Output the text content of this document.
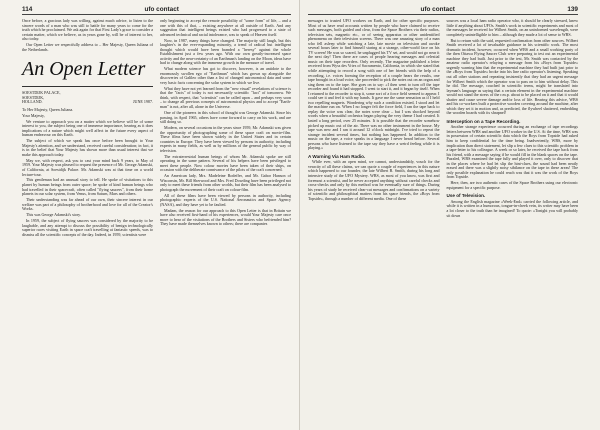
114	ufo contact

Once before, a gracious lady was willing, against much advice, to listen to the sincere words of a man who was still to battle for many years to come for the truth which he proclaimed. We ask again for that First Lady's grace to consider a certain matter, which we believe, as in years gone by, will be of interest to her, also today.

Our Open Letter we respectfully address to – Her Majesty, Queen Juliana of the Netherlands.

An Open Letter

SOESTDIJK PALACE,

SOESTDIJK,

HOLLAND.	JUNE 1987.

To Her Majesty, Queen Juliana.

Your Majesty,

We venture to approach you on a matter which we believe will be of some interest to you, the subject being one of immense importance, bearing as it does implications of a nature which might well affect in the future every aspect of human endeavour on this Earth.

The subject of which we speak has once before been brought to Your Majesty's attention, and we understand, received careful consideration; in fact, it is in the belief that Your Majesty has shown more than usual interest that we make this approach today.

May we, with respect, ask you to cast your mind back 9 years, to May of 1959. Your Majesty was pleased to request the presence of Mr. George Adamski, of California, at Soestdijk Palace. Mr. Adamski was at that time on a world lecture-tour.

This gentleman had an unusual story to tell. He spoke of visitations to this planet by human beings from outer space; he spoke of kind human beings who had travelled in their spacecraft, often called "flying saucers", from their home planets in our solar system, from Venus, from Saturn, Mars and others.

Their understanding was far ahead of our own, their sincere interest in our welfare was part of a philosophy of brotherhood and love for all of the Creator's Works.

This was George Adamski's story.

In 1959, the subject of flying saucers was considered by the majority to be laughable, and any attempt to discuss the possibility of benign technologically superior races visiting Earth in space craft travelling at fantastic speeds, was to dismiss all the scientific concepts of the day. Indeed, in 1959, scientists were

only beginning to accept the remote possibility of "some form" of life, – and a one with this of that, – existing anywhere at all outside of Earth. And any suggestion that intelligent beings existed who had progressed to a state of advanced technical and racial intolerance, was to speak of Heaven itself.

Now, in 1987, many things have changed. The majority still laugh, but this laughter's in the ever-expanding minority, a trend of radical but intelligent thought which would have been branded a "heresy" against the whole Establishment just a few years ago. With our own greatly-increased space activity and the near-certainty of an Earthman's landing on the Moon, ideas have had to change along with the immense growth in the measure of travel.

What modern science has got to discover, however, is an antidote to the enormously swollen ego of "Earthman" which has grown up alongside the discoveries of Galileo other than a list of changed astronomical data and some very basic facts concerning the solar system in which we live.

What they have not yet learned from the "new visual" revelations of science is that the "facts" of today is not necessarily scientific "fact" of tomorrow. We think, with respect, that "scientists" can be called upon – and perhaps very soon – to change all previous concepts of astronomical physics and to accept "Earth-man" is not, after all, alone in the Universe.

One of the pioneers in this school of thought was George Adamski. Since his passing, in April 1965, others have come forward to carry on his work, and are still doing so.

Modern, on several occasions in the years since 1959, Mr. Adamski was given the opportunity of photographing some of these space craft on movie-film. These films have been shown widely in the United States and in certain countries in Europe. They have been viewed by persons in authority, including experts in many fields, as well as by millions of the general public by way of television.

The extraterrestrial human beings of whom Mr. Adamski spoke are still operating in the same pattern. Several of his helpers have been privileged to meet these people. Now colour movies have been taken of their ships, on occasion with the deliberate connivance of the pilots of the craft concerned.

An American lady, Mrs. Madeleine Rodeffer, and Mr. Gabor Hanson of Wisconsin, Mr. Bill Sherwood and Mrs. Fred Dowding have been privileged not only to meet these friends from other worlds, but their film has been analysed to photograph the movement of their craft on colour-film.

All of these films have been viewed by persons in authority, including photographic experts of the U.S. National Aeronautics and Space Agency (NASA), and they have yet to be faulted.

Madam, the reason for our approach to this Open Letter is that in Britain we have also received first-hand of his experiences, would Your Majesty care once more to hear of the visitations of the Brothers and Sisters who befriended him? They have made themselves known to others; there are companies

ufo contact	139

messages to trusted UFO workers on Earth, and for other specific purposes. Most of us have read accounts written by people who have claimed to receive such messages, both guided and clear, from the Space Brothers via their radios, television sets, magnetic etc., or of seeing apparatus or other unidentified phenomena on their television screens. There was one amazing story of a man who fell asleep while watching a late, late movie on television and awoke several hours later to find himself staring at a strange, other-world face on his TV screen! He was so scared, he unplugged his TV set, and would not go near it the next day! Then there are cases of people hearing messages and celestial music on their tape recorders. Only recently, The magazine published a letter received from Wyss des Vries of Sacramento, California, in which she stated that while attempting to record a song with one of her friends with the help of a recording, i.e. voices forming the reception of a couple hears the results, one tape brought in a loud voice, she proceeded to pick the notes out on an organ and sing them on to the tape. She goes on to say: «I then went to turn off the tape recorder and found it had stopped. I went to start it, and it began by itself. When I returned to the recorder to stop it, some sort of a force field seemed to appear. I could see it and feel it with my hands. It gave me the same sensation as if I held two repelling magnets. Wondering why such a condition existed, I stood and let the machine run on. When I no longer felt the force field, I ran the tape back to replay the voice was clear, the notes were clear – but I was shocked beyond words when a beautiful orchestra began playing the very theme I had created. It lasted a long period, over 25 minutes. It is possible that the recorder somehow picked up music out of the air. There was no other instrument in the house. My tape was new and I ran it around 12 o'clock midnight. I've tried to repeat the strange incident several times, but nothing has happened. In addition to the music on the tape, a voice speaks in a language I never heard before. Several persons who have listened to the tape say they have a weird feeling while it is playing.»

A Warning Via Ham Radio.

While ever, with an open mind, we cannot, understandably, vouch for the veracity of all these claims, we can quote a couple of experiences in this nature which happened to our founder, the late Wilbert B. Smith, during his long and intensive study of the UFO Mystery. WBS, as most of you know, was first and foremost a scientist, and he never accepted anything without careful checks and cross-checks and only by this method was he eventually sure of things. During his years of study he received clear-cut messages and confirmations on a variety of scientific and philosophical matters from his space friends, the «Boys from Topside», through a number of different media. One of these

sources was a local ham radio operator who, it should be clearly stressed, knew little if anything about UFOs. Smith's work in scientific experiments and most of the messages he received for Wilbert Smith, on an uninformed wavelength, were completely unintelligible to him – although they made a lot of sense to WBS.

But to return with the said, requested confirmation from other sources. Wilbert Smith received a lot of invaluable guidance in his scientific work. The most dramatic incident, however, occurred when WBS and a small working party of the then Ottawa Flying Saucer Club were preparing to test out an experimental machine they had built. Just prior to the test, Mr. Smith was contacted by the amateur radio operator's relaying a message from his «Boys from Topside» urgently warning him that the experimental machine they had built just prior to the «Boys from Topside» broke into his line radio operator's listening. Speaking out all other stations and repeating insistently that they had an urgent message for Wilbert Smith which the operator was to pass on to him without delay. This he did. The message, couched in scientific terms, might be translated into layman's language as saying that a certain element in the experimental machine would not stand the stress of the r.m.p. about to be placed on it and that it would shatter and cause severe damage and/or loss of life. Bearing this advice, WBS and his co-workers built a protective wooden covering around the machine, after which they set it in motion and, as predicted, the flywheel shattered, embedding the wooden boards with its shrapnel!

Interception on a Tape Recording.

Another strange experience occurred during an exchange of tape recordings letters between WBS and another UFO worker in the U.S. At the time, WBS was in possession of certain scientific data which the Boys from Topside had asked him to keep confidential for the time being. Inadvertently, WBS, more by implication than direct statement, let slip a few clues to this scientific problem in a tape-letter to his colleague. A week or so later, he received the tape back from his friend, with a message saying if he would fill in the blank spaces on the tape. Puzzled, WBS examined the tape fully and played it over, only to discover that in the places where he had let slip the hint-clues, the sound had been neatly erased and there was a slightly noisy sibilance on the tape in these areas! The only possible explanation he could reach was that it was the work of the Boys from Topside.

Here, then, are two authentic cases of the Space Brothers using our electronic equipment for a specific purpose.

Use of Television.

Among the English magazine «Week-End» carried the following article, and while it is written in a humorous, tongue-in-cheek vein, its writer may have been a lot closer to the truth than he imagined! To quote: «Tonight you will probably sit down
